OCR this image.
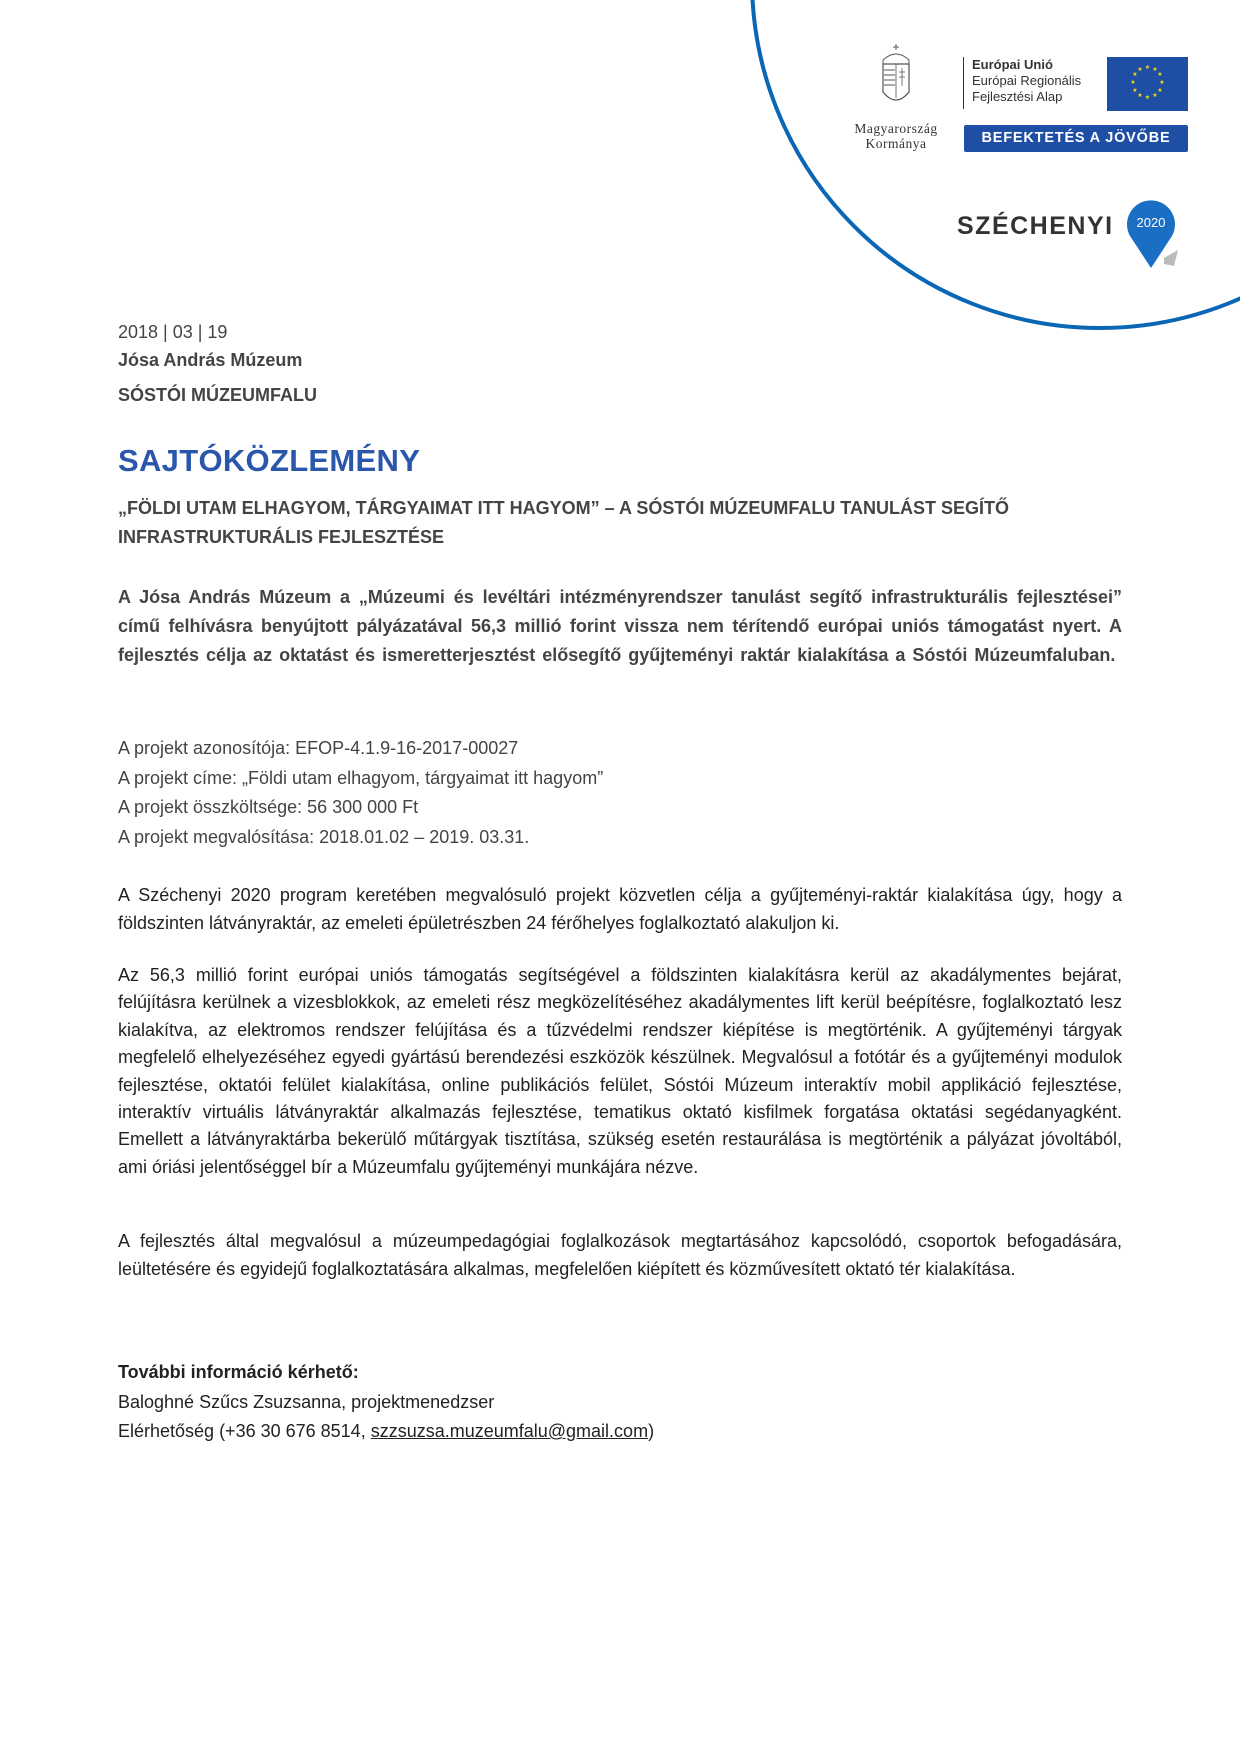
Magyarország
Kormánya
Európai Unió
Európai Regionális
Fejlesztési Alap
★ ★
★
★
★
★
★
★
★
★
★
★
BEFEKTETÉS A JÖVŐBE
SZÉCHENYI 2020
2018 | 03 | 19
Jósa András Múzeum
SÓSTÓI MÚZEUMFALU
SAJTÓKÖZLEMÉNY
„FÖLDI UTAM ELHAGYOM, TÁRGYAIMAT ITT HAGYOM” – A SÓSTÓI MÚZEUMFALU TANULÁST SEGÍTŐ INFRASTRUKTURÁLIS FEJLESZTÉSE
A Jósa András Múzeum a „Múzeumi és levéltári intézményrendszer tanulást segítő infrastrukturális fejlesztései” című felhívásra benyújtott pályázatával 56,3 millió forint vissza nem térítendő európai uniós támogatást nyert. A fejlesztés célja az oktatást és ismeretterjesztést elősegítő gyűjteményi raktár kialakítása a Sóstói Múzeumfaluban.
A projekt azonosítója: EFOP-4.1.9-16-2017-00027
A projekt címe: „Földi utam elhagyom, tárgyaimat itt hagyom”
A projekt összköltsége: 56 300 000 Ft
A projekt megvalósítása: 2018.01.02 – 2019. 03.31.
A Széchenyi 2020 program keretében megvalósuló projekt közvetlen célja a gyűjteményi-raktár kialakítása úgy, hogy a földszinten látványraktár, az emeleti épületrészben 24 férőhelyes foglalkoztató alakuljon ki.
Az 56,3 millió forint európai uniós támogatás segítségével a földszinten kialakításra kerül az akadálymentes bejárat, felújításra kerülnek a vizesblokkok, az emeleti rész megközelítéséhez akadálymentes lift kerül beépítésre, foglalkoztató lesz kialakítva, az elektromos rendszer felújítása és a tűzvédelmi rendszer kiépítése is megtörténik. A gyűjteményi tárgyak megfelelő elhelyezéséhez egyedi gyártású berendezési eszközök készülnek. Megvalósul a fotótár és a gyűjteményi modulok fejlesztése, oktatói felület kialakítása, online publikációs felület, Sóstói Múzeum interaktív mobil applikáció fejlesztése, interaktív virtuális látványraktár alkalmazás fejlesztése, tematikus oktató kisfilmek forgatása oktatási segédanyagként. Emellett a látványraktárba bekerülő műtárgyak tisztítása, szükség esetén restaurálása is megtörténik a pályázat jóvoltából, ami óriási jelentőséggel bír a Múzeumfalu gyűjteményi munkájára nézve.
A fejlesztés által megvalósul a múzeumpedagógiai foglalkozások megtartásához kapcsolódó, csoportok befogadására, leültetésére és egyidejű foglalkoztatására alkalmas, megfelelően kiépített és közművesített oktató tér kialakítása.
További információ kérhető:
Baloghné Szűcs Zsuzsanna, projektmenedzser
Elérhetőség (+36 30 676 8514, szzsuzsa.muzeumfalu@gmail.com)
